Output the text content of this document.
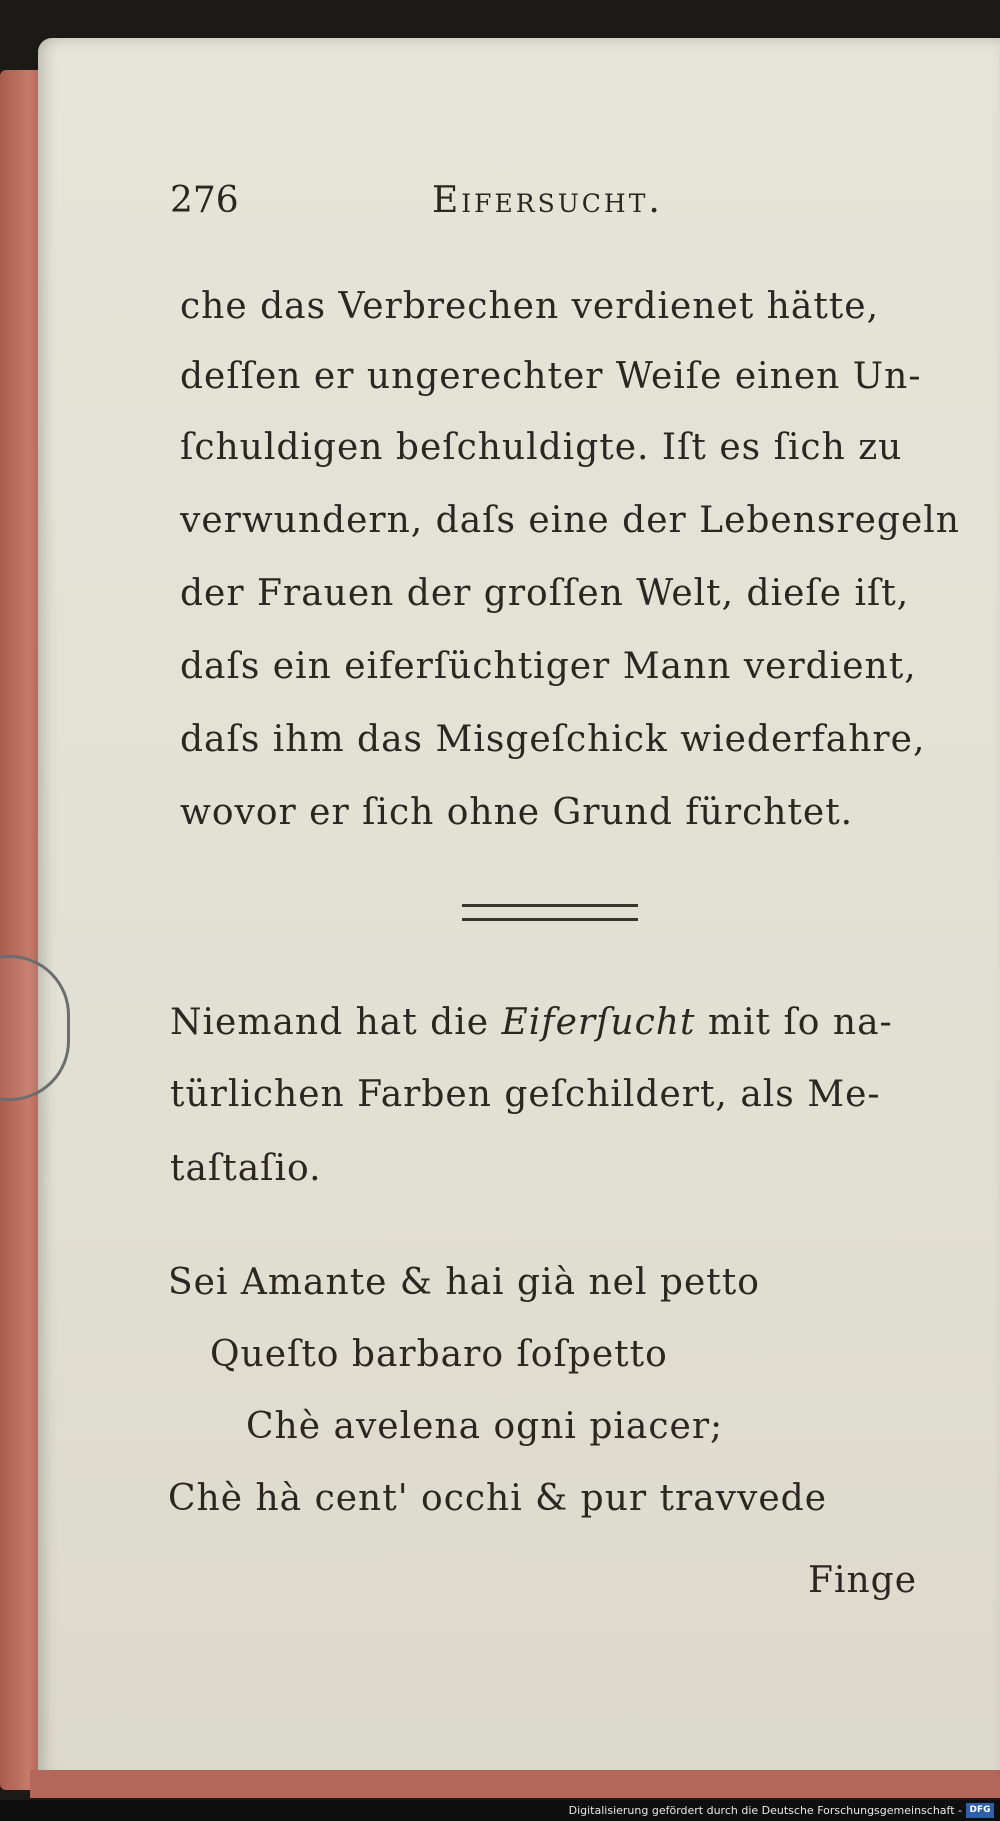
276	Eifersucht.
che das Verbrechen verdienet hätte,
deſſen er ungerechter Weiſe einen Un-
ſchuldigen beſchuldigte. Iſt es ſich zu
verwundern, daſs eine der Lebensregeln
der Frauen der groſſen Welt, dieſe iſt,
daſs ein eiferſüchtiger Mann verdient,
daſs ihm das Misgeſchick wiederfahre,
wovor er ſich ohne Grund fürchtet.
Niemand hat die Eiferſucht mit ſo na-
türlichen Farben geſchildert, als Me-
taſtaſio.
Sei Amante & hai già nel petto
Queſto barbaro ſoſpetto
Chè avelena ogni piacer;
Chè hà cent' occhi & pur travvede
Finge
Digitalisierung gefördert durch die Deutsche Forschungsgemeinschaft - DFG
